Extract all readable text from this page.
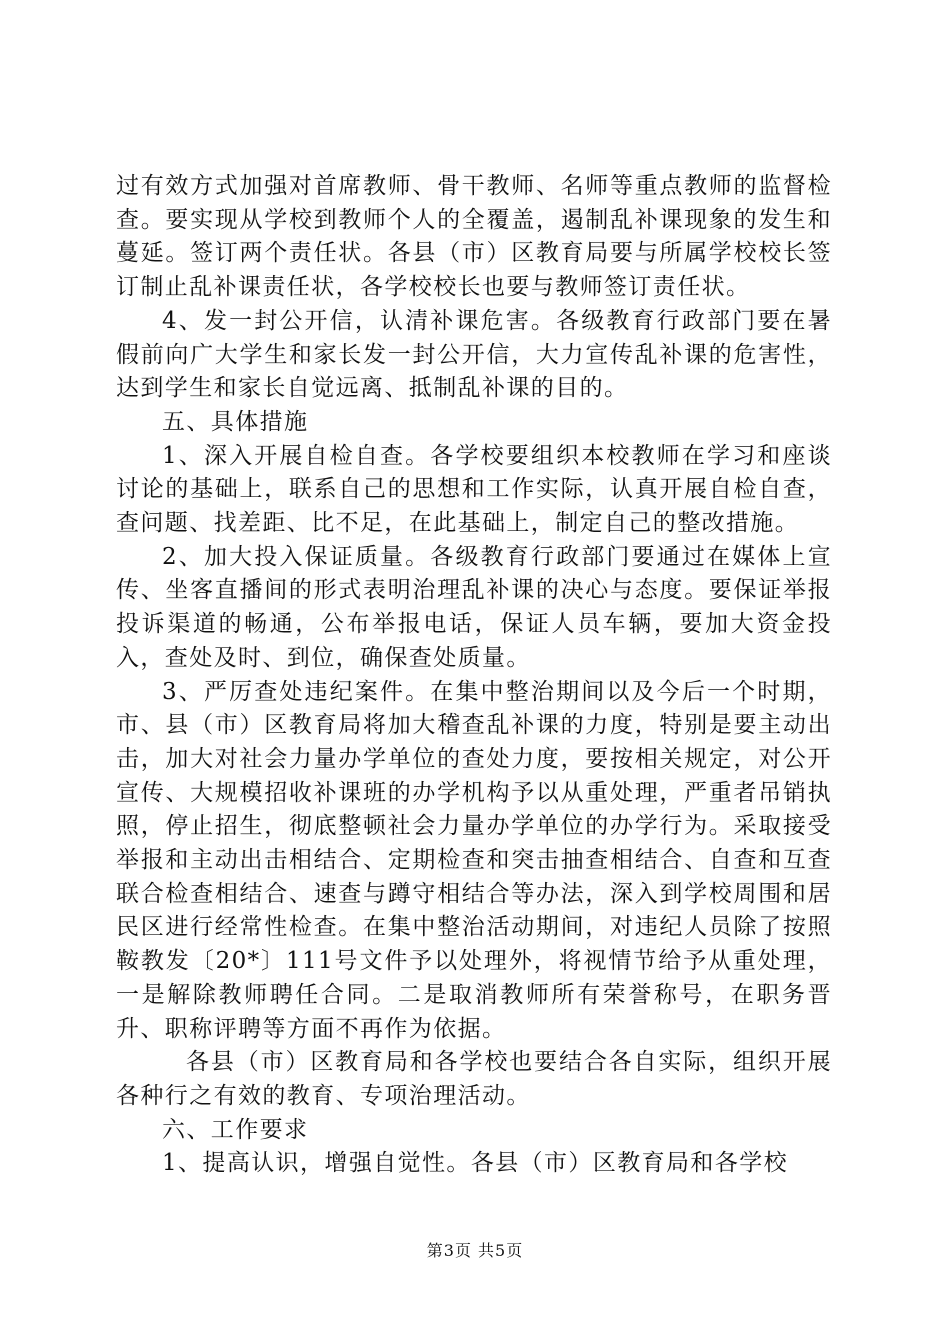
过有效方式加强对首席教师、骨干教师、名师等重点教师的监督检查。要实现从学校到教师个人的全覆盖，遏制乱补课现象的发生和蔓延。签订两个责任状。各县（市）区教育局要与所属学校校长签订制止乱补课责任状，各学校校长也要与教师签订责任状。

4、发一封公开信，认清补课危害。各级教育行政部门要在暑假前向广大学生和家长发一封公开信，大力宣传乱补课的危害性，达到学生和家长自觉远离、抵制乱补课的目的。

五、具体措施

1、深入开展自检自查。各学校要组织本校教师在学习和座谈讨论的基础上，联系自己的思想和工作实际，认真开展自检自查，查问题、找差距、比不足，在此基础上，制定自己的整改措施。

2、加大投入保证质量。各级教育行政部门要通过在媒体上宣传、坐客直播间的形式表明治理乱补课的决心与态度。要保证举报投诉渠道的畅通，公布举报电话，保证人员车辆，要加大资金投入，查处及时、到位，确保查处质量。

3、严厉查处违纪案件。在集中整治期间以及今后一个时期，市、县（市）区教育局将加大稽查乱补课的力度，特别是要主动出击，加大对社会力量办学单位的查处力度，要按相关规定，对公开宣传、大规模招收补课班的办学机构予以从重处理，严重者吊销执照，停止招生，彻底整顿社会力量办学单位的办学行为。采取接受举报和主动出击相结合、定期检查和突击抽查相结合、自查和互查联合检查相结合、速查与蹲守相结合等办法，深入到学校周围和居民区进行经常性检查。在集中整治活动期间，对违纪人员除了按照鞍教发〔20*〕111号文件予以处理外，将视情节给予从重处理，一是解除教师聘任合同。二是取消教师所有荣誉称号，在职务晋升、职称评聘等方面不再作为依据。

各县（市）区教育局和各学校也要结合各自实际，组织开展各种行之有效的教育、专项治理活动。

六、工作要求

1、提高认识，增强自觉性。各县（市）区教育局和各学校

第3页 共5页
